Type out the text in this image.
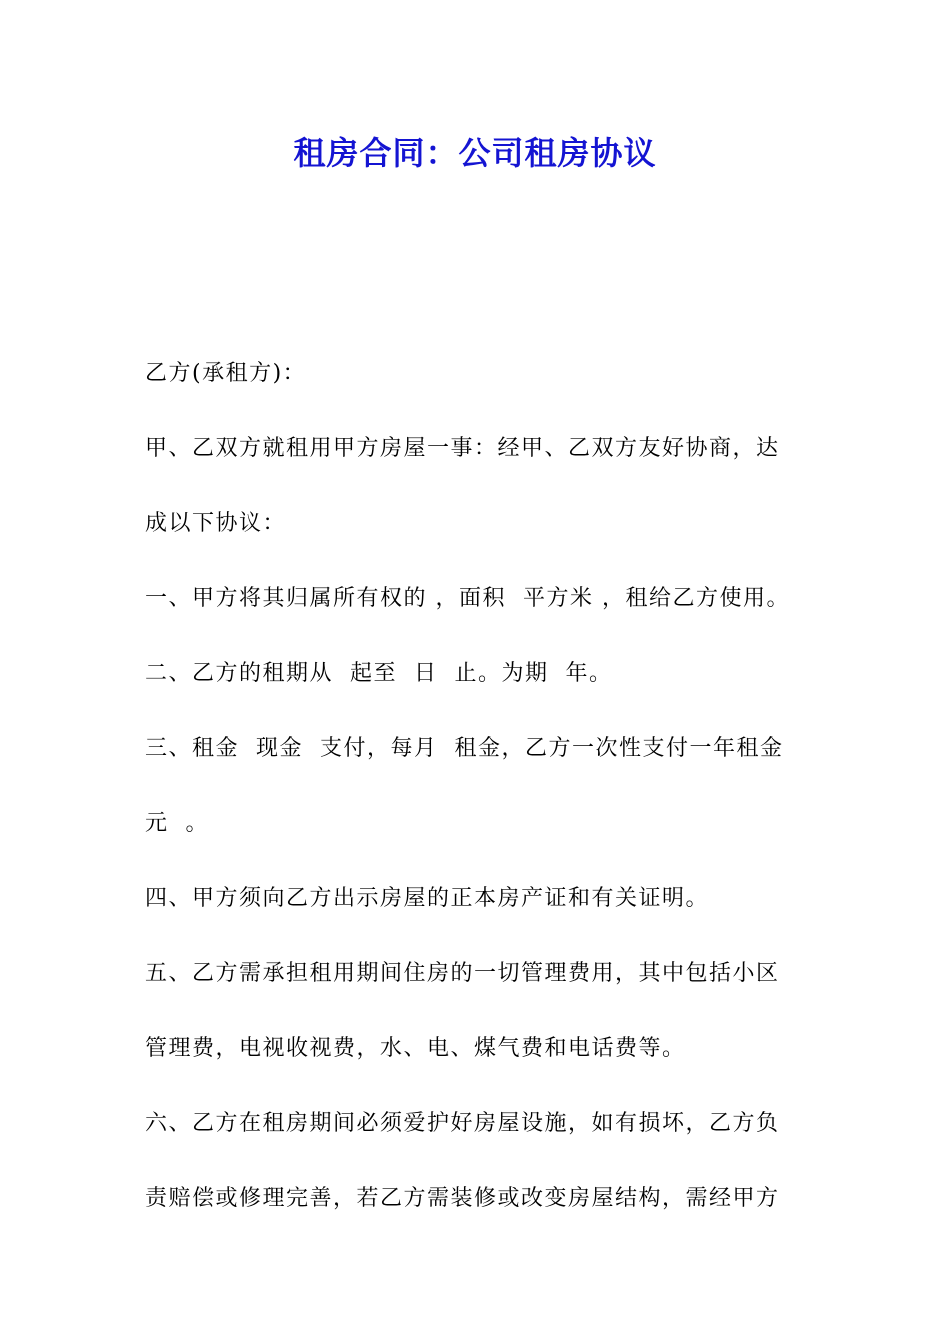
租房合同：公司租房协议
乙方(承租方)：
甲、乙双方就租用甲方房屋一事：经甲、乙双方友好协商，达
成以下协议：
一、甲方将其归属所有权的 ，面积  平方米 ，租给乙方使用。
二、乙方的租期从  起至  日  止。为期  年。
三、租金  现金  支付，每月  租金，乙方一次性支付一年租金
元  。
四、甲方须向乙方出示房屋的正本房产证和有关证明。
五、乙方需承担租用期间住房的一切管理费用，其中包括小区
管理费，电视收视费，水、电、煤气费和电话费等。
六、乙方在租房期间必须爱护好房屋设施，如有损坏，乙方负
责赔偿或修理完善，若乙方需装修或改变房屋结构，需经甲方
